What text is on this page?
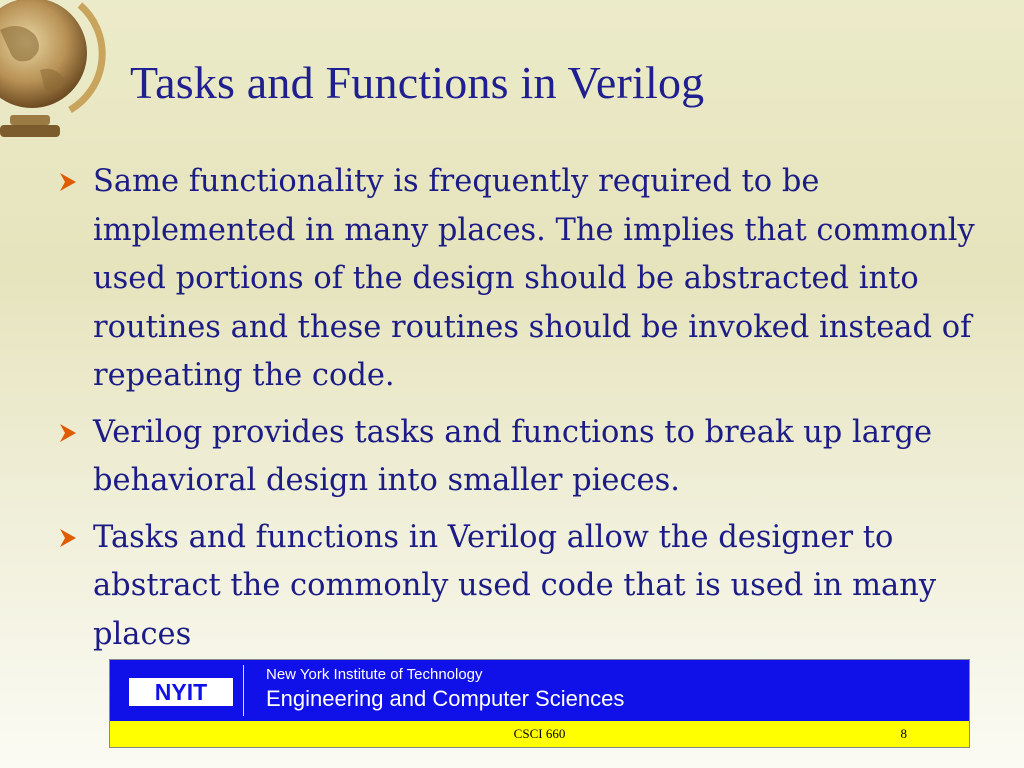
Tasks and Functions in Verilog
Same functionality is frequently required to be implemented in many places. The implies that commonly used portions of the design should be abstracted into routines and these routines should be invoked instead of repeating the code.
Verilog provides tasks and functions to break up large behavioral design into smaller pieces.
Tasks and functions in Verilog allow the designer to abstract the commonly used code that is used in many places
NYIT
New York Institute of Technology
Engineering and Computer Sciences
CSCI 660	8
